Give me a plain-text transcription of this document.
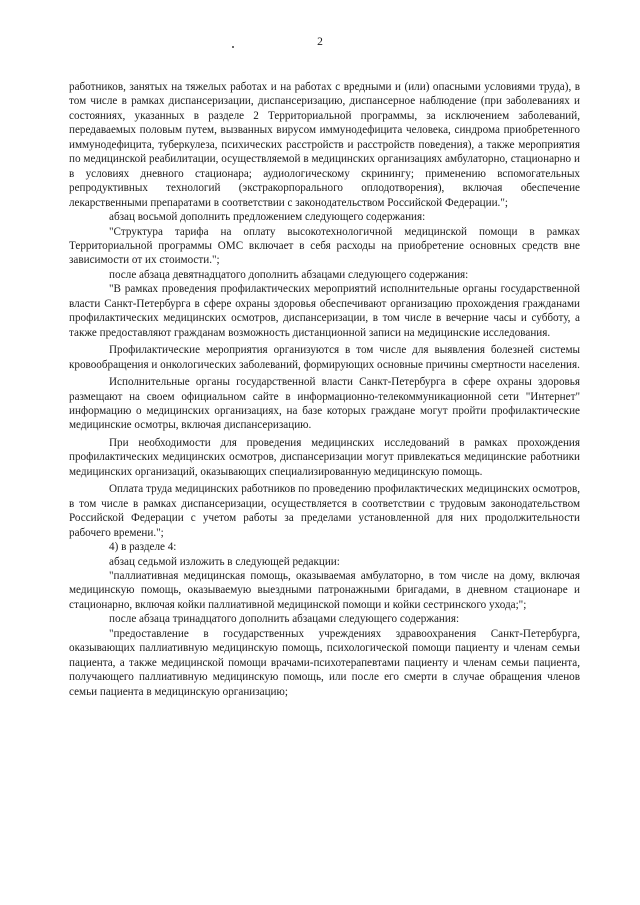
2

работников, занятых на тяжелых работах и на работах с вредными и (или) опасными условиями труда), в том числе в рамках диспансеризации, диспансеризацию, диспансерное наблюдение (при заболеваниях и состояниях, указанных в разделе 2 Территориальной программы, за исключением заболеваний, передаваемых половым путем, вызванных вирусом иммунодефицита человека, синдрома приобретенного иммунодефицита, туберкулеза, психических расстройств и расстройств поведения), а также мероприятия по медицинской реабилитации, осуществляемой в медицинских организациях амбулаторно, стационарно и в условиях дневного стационара; аудиологическому скринингу; применению вспомогательных репродуктивных технологий (экстракорпорального оплодотворения), включая обеспечение лекарственными препаратами в соответствии с законодательством Российской Федерации.";

абзац восьмой дополнить предложением следующего содержания:

"Структура тарифа на оплату высокотехнологичной медицинской помощи в рамках Территориальной программы ОМС включает в себя расходы на приобретение основных средств вне зависимости от их стоимости.";

после абзаца девятнадцатого дополнить абзацами следующего содержания:

"В рамках проведения профилактических мероприятий исполнительные органы государственной власти Санкт-Петербурга в сфере охраны здоровья обеспечивают организацию прохождения гражданами профилактических медицинских осмотров, диспансеризации, в том числе в вечерние часы и субботу, а также предоставляют гражданам возможность дистанционной записи на медицинские исследования.

Профилактические мероприятия организуются в том числе для выявления болезней системы кровообращения и онкологических заболеваний, формирующих основные причины смертности населения.

Исполнительные органы государственной власти Санкт-Петербурга в сфере охраны здоровья размещают на своем официальном сайте в информационно-телекоммуникационной сети "Интернет" информацию о медицинских организациях, на базе которых граждане могут пройти профилактические медицинские осмотры, включая диспансеризацию.

При необходимости для проведения медицинских исследований в рамках прохождения профилактических медицинских осмотров, диспансеризации могут привлекаться медицинские работники медицинских организаций, оказывающих специализированную медицинскую помощь.

Оплата труда медицинских работников по проведению профилактических медицинских осмотров, в том числе в рамках диспансеризации, осуществляется в соответствии с трудовым законодательством Российской Федерации с учетом работы за пределами установленной для них продолжительности рабочего времени.";

4) в разделе 4:

абзац седьмой изложить в следующей редакции:

"паллиативная медицинская помощь, оказываемая амбулаторно, в том числе на дому, включая медицинскую помощь, оказываемую выездными патронажными бригадами, в дневном стационаре и стационарно, включая койки паллиативной медицинской помощи и койки сестринского ухода;";

после абзаца тринадцатого дополнить абзацами следующего содержания:

"предоставление в государственных учреждениях здравоохранения Санкт-Петербурга, оказывающих паллиативную медицинскую помощь, психологической помощи пациенту и членам семьи пациента, а также медицинской помощи врачами-психотерапевтами пациенту и членам семьи пациента, получающего паллиативную медицинскую помощь, или после его смерти в случае обращения членов семьи пациента в медицинскую организацию;
